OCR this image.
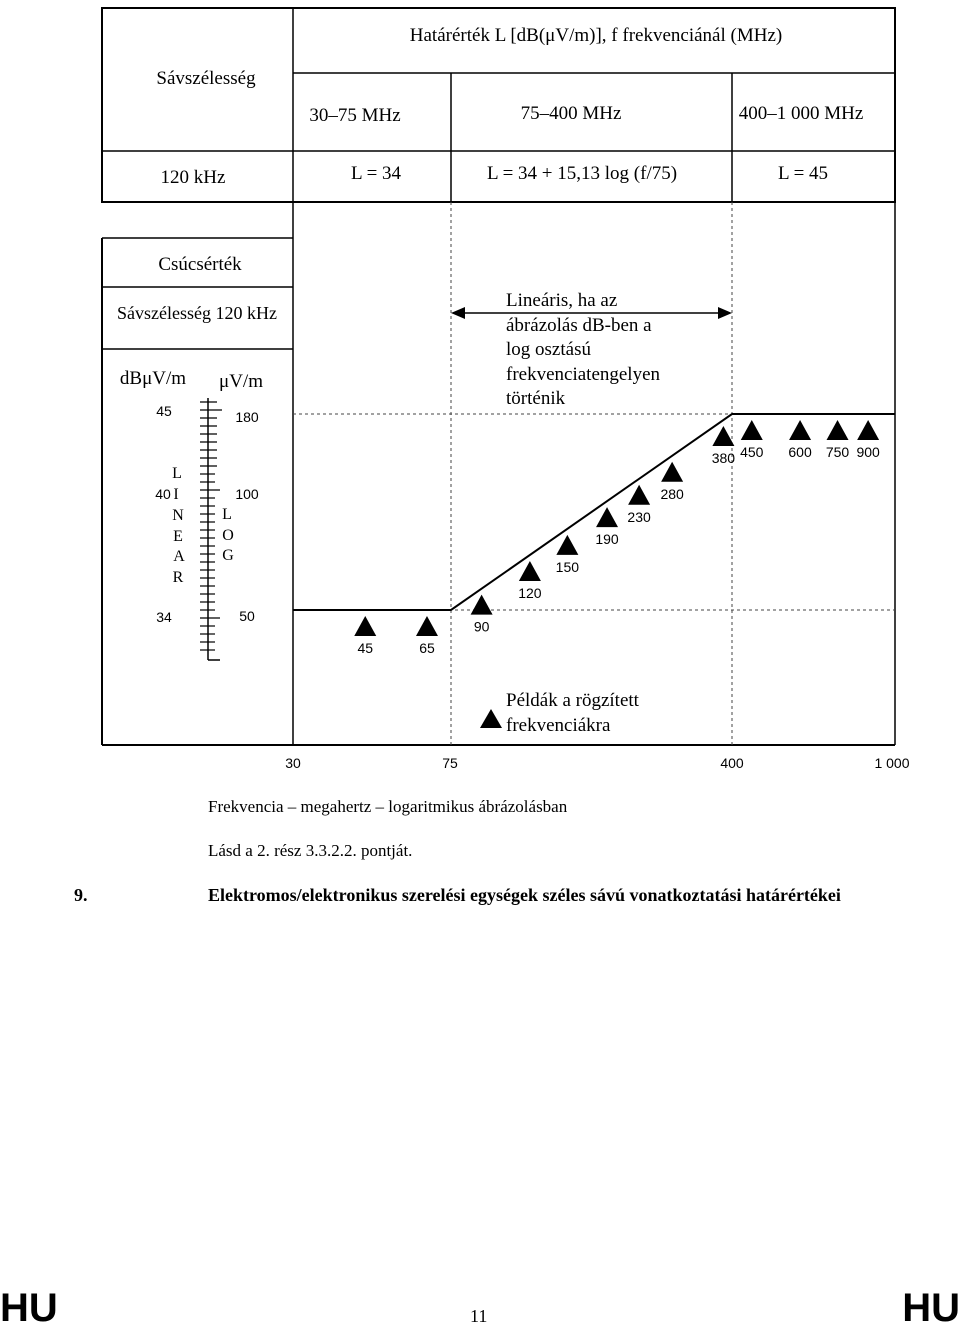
Sávszélesség
Határérték L [dB(μV/m)], f frekvenciánál (MHz)
30–75 MHz	75–400 MHz	400–1 000 MHz
120 kHz	L = 34	L = 34 + 15,13 log (f/75)	L = 45
Csúcsérték
Sávszélesség 120 kHz
dBμV/m μV/m
Lineáris, ha az
ábrázolás dB-ben a
log osztású
frekvenciatengelyen
történik
Példák a rögzített
frekvenciákra
45
40
34
180
100
50
L
I
N
E
A
R
L
O
G
30	75	400	1 000
45	65
90
120
150
190
230
280
380 450 600 750 900
Frekvencia – megahertz – logaritmikus ábrázolásban
Lásd a 2. rész 3.3.2.2. pontját.
9.	Elektromos/elektronikus szerelési egységek széles sávú vonatkoztatási határértékei
HU	11	HU
